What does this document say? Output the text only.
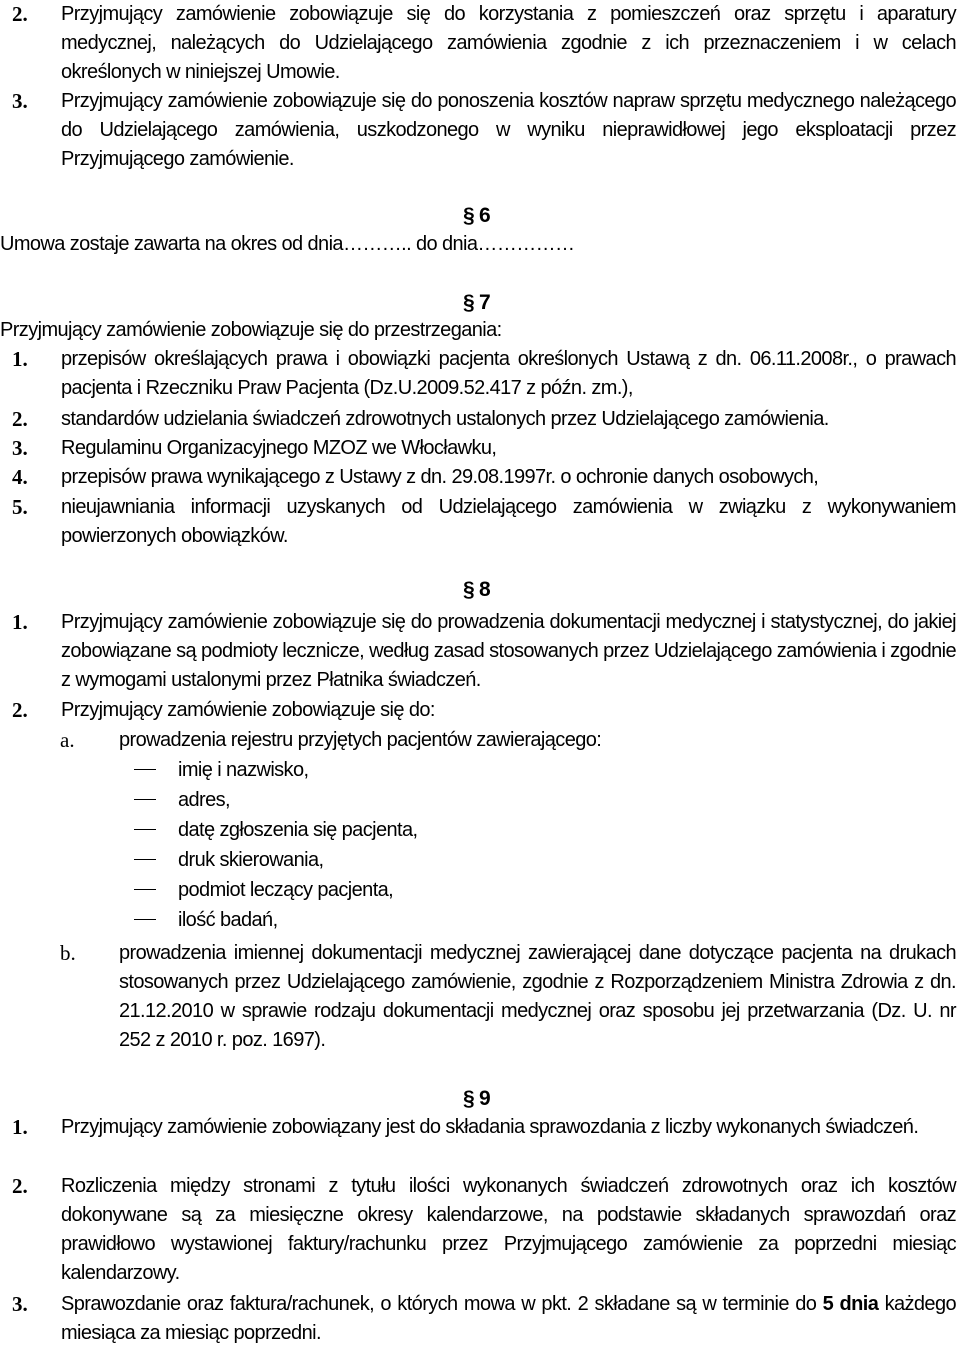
2. Przyjmujący zamówienie zobowiązuje się do korzystania z pomieszczeń oraz sprzętu i aparatury medycznej, należących do Udzielającego zamówienia zgodnie z ich przeznaczeniem i w celach określonych w niniejszej Umowie.
3. Przyjmujący zamówienie zobowiązuje się do ponoszenia kosztów napraw sprzętu medycznego należącego do Udzielającego zamówienia, uszkodzonego w wyniku nieprawidłowej jego eksploatacji przez Przyjmującego zamówienie.
§ 6
Umowa zostaje zawarta na okres od dnia……….. do dnia……………
§ 7
Przyjmujący zamówienie zobowiązuje się do przestrzegania:
1. przepisów określających prawa i obowiązki pacjenta określonych Ustawą z dn. 06.11.2008r., o prawach pacjenta i Rzeczniku Praw Pacjenta (Dz.U.2009.52.417 z późn. zm.),
2. standardów udzielania świadczeń zdrowotnych ustalonych przez Udzielającego zamówienia.
3. Regulaminu Organizacyjnego MZOZ we Włocławku,
4. przepisów prawa wynikającego z Ustawy z dn. 29.08.1997r. o ochronie danych osobowych,
5. nieujawniania informacji uzyskanych od Udzielającego zamówienia w związku z wykonywaniem powierzonych obowiązków.
§ 8
1. Przyjmujący zamówienie zobowiązuje się do prowadzenia dokumentacji medycznej i statystycznej, do jakiej zobowiązane są podmioty lecznicze, według zasad stosowanych przez Udzielającego zamówienia i zgodnie z wymogami ustalonymi przez Płatnika świadczeń.
2. Przyjmujący zamówienie zobowiązuje się do:
a. prowadzenia rejestru przyjętych pacjentów zawierającego:
imię i nazwisko,
adres,
datę zgłoszenia się pacjenta,
druk skierowania,
podmiot leczący pacjenta,
ilość badań,
b. prowadzenia imiennej dokumentacji medycznej zawierającej dane dotyczące pacjenta na drukach stosowanych przez Udzielającego zamówienie, zgodnie z Rozporządzeniem Ministra Zdrowia z dn. 21.12.2010 w sprawie rodzaju dokumentacji medycznej oraz sposobu jej przetwarzania (Dz. U. nr 252 z 2010 r. poz. 1697).
§ 9
1. Przyjmujący zamówienie zobowiązany jest do składania sprawozdania z liczby wykonanych świadczeń.
2. Rozliczenia między stronami z tytułu ilości wykonanych świadczeń zdrowotnych oraz ich kosztów dokonywane są za miesięczne okresy kalendarzowe, na podstawie składanych sprawozdań oraz prawidłowo wystawionej faktury/rachunku przez Przyjmującego zamówienie za poprzedni miesiąc kalendarzowy.
3. Sprawozdanie oraz faktura/rachunek, o których mowa w pkt. 2 składane są w terminie do 5 dnia każdego miesiąca za miesiąc poprzedni.
